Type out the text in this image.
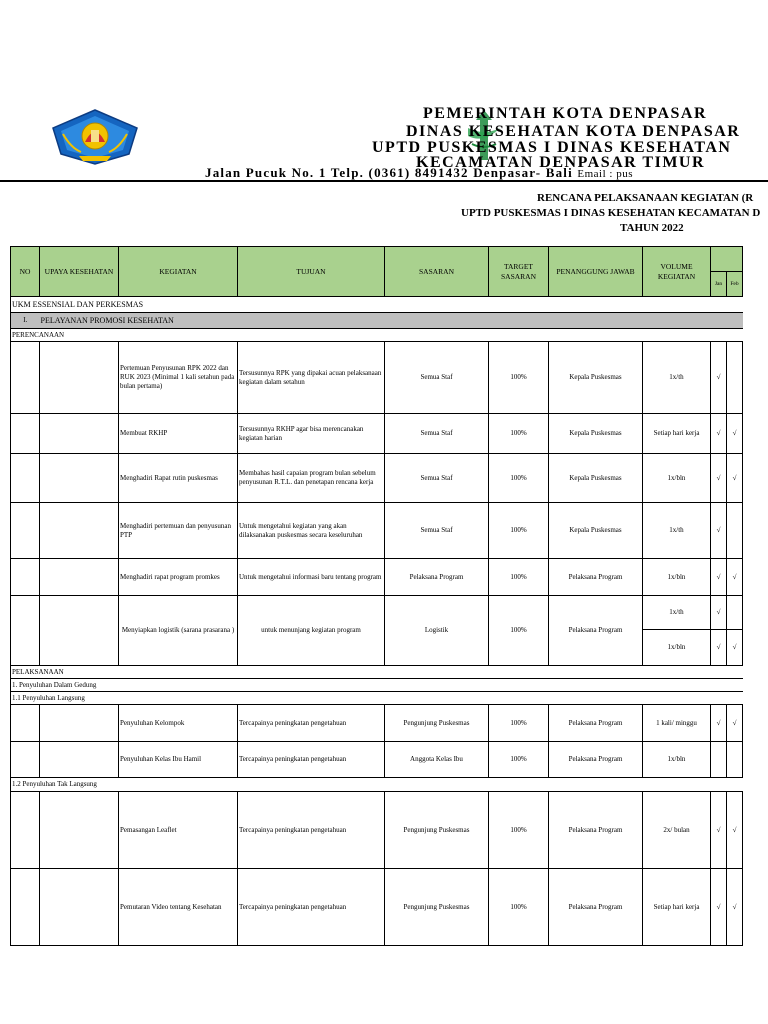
PEMERINTAH KOTA DENPASAR
DINAS KESEHATAN KOTA DENPASAR
UPTD PUSKESMAS I DINAS KESEHATAN
KECAMATAN DENPASAR TIMUR
Jalan Pucuk No. 1 Telp. (0361) 8491432 Denpasar- Bali Email : pus
RENCANA PELAKSANAAN KEGIATAN (R
UPTD PUSKESMAS I DINAS KESEHATAN KECAMATAN D
TAHUN 2022
NO	UPAYA KESEHATAN	KEGIATAN	TUJUAN	SASARAN	TARGET SASARAN	PENANGGUNG JAWAB	VOLUME KEGIATAN		
								Jan	Feb
UKM ESSENSIAL DAN PERKESMAS									
I.	PELAYANAN PROMOSI KESEHATAN								
PERENCANAAN									
		Pertemuan Penyusunan RPK 2022 dan RUK 2023 (Minimal 1 kali setahun pada bulan pertama)	Tersusunnya RPK yang dipakai acuan pelaksanaan kegiatan dalam setahun	Semua Staf	100%	Kepala Puskesmas	1x/th	√	
		Membuat RKHP	Tersusunnya RKHP agar bisa merencanakan kegiatan harian	Semua Staf	100%	Kepala Puskesmas	Setiap hari kerja	√	√
		Menghadiri Rapat rutin puskesmas	Membahas hasil capaian program bulan sebelum penyusunan R.T.L. dan penetapan rencana kerja	Semua Staf	100%	Kepala Puskesmas	1x/bln	√	√
		Menghadiri pertemuan dan penyusunan PTP	Untuk mengetahui kegiatan yang akan dilaksanakan puskesmas secara keseluruhan	Semua Staf	100%	Kepala Puskesmas	1x/th	√	
		Menghadiri rapat program promkes	Untuk mengetahui informasi baru tentang program	Pelaksana Program	100%	Pelaksana Program	1x/bln	√	√
		Menyiapkan logistik (sarana prasarana )	untuk menunjang kegiatan program	Logistik	100%	Pelaksana Program	1x/th	√	
							1x/bln	√	√
PELAKSANAAN									
1. Penyuluhan Dalam Gedung									
1.1 Penyuluhan Langsung									
		Penyuluhan Kelompok	Tercapainya peningkatan pengetahuan	Pengunjung Puskesmas	100%	Pelaksana Program	1 kali/ minggu	√	√
		Penyuluhan Kelas Ibu Hamil	Tercapainya peningkatan pengetahuan	Anggota Kelas Ibu	100%	Pelaksana Program	1x/bln		
1.2 Penyuluhan Tak Langsung									
		Pemasangan Leaflet	Tercapainya peningkatan pengetahuan	Pengunjung Puskesmas	100%	Pelaksana Program	2x/ bulan	√	√
		Pemutaran Video tentang Kesehatan	Tercapainya peningkatan pengetahuan	Pengunjung Puskesmas	100%	Pelaksana Program	Setiap hari kerja	√	√
